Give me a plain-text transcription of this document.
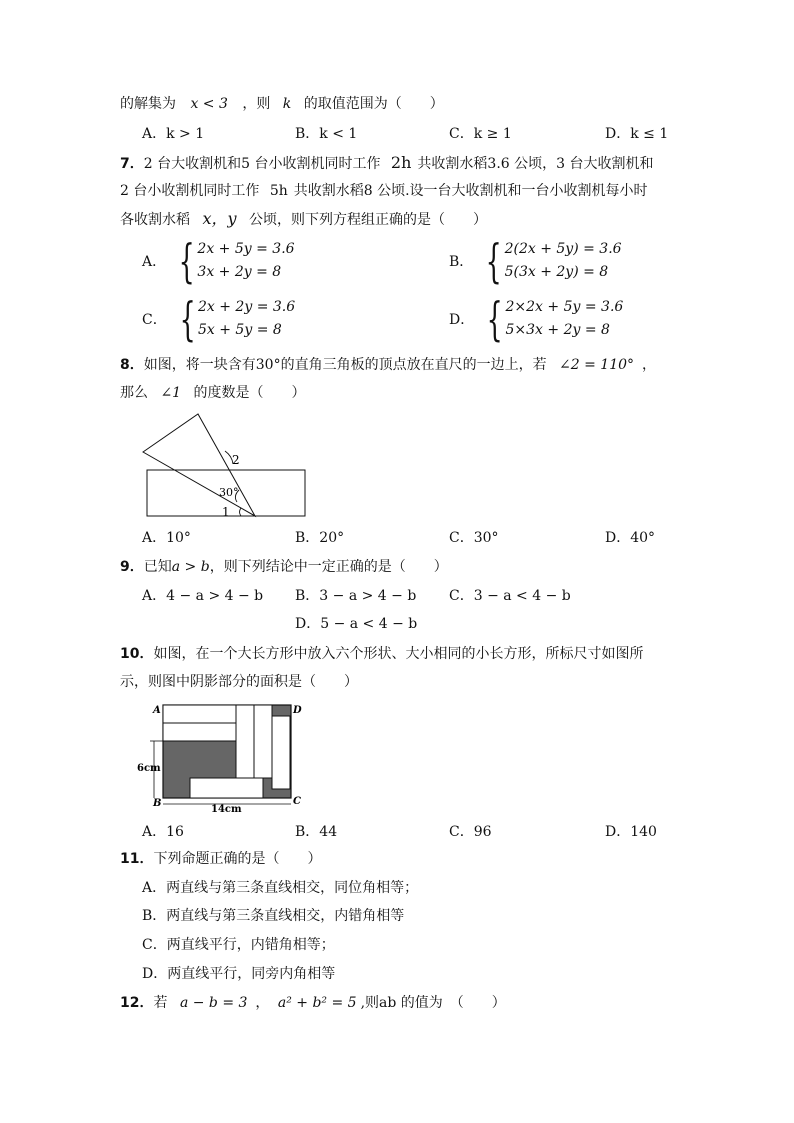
的解集为 x < 3 ，则 k 的取值范围为（　　）
A．k > 1	B．k < 1	C．k ≥ 1	D．k ≤ 1
7．2 台大收割机和5 台小收割机同时工作 2h 共收割水稻3.6 公顷，3 台大收割机和
2 台小收割机同时工作 5h 共收割水稻8 公顷.设一台大收割机和一台小收割机每小时
各收割水稻 x，y 公顷，则下列方程组正确的是（　　）
A． { 2x + 5y = 3.6
3x + 2y = 8
B． { 2(2x + 5y) = 3.6
5(3x + 2y) = 8
C． { 2x + 2y = 3.6
5x + 5y = 8
D． { 2×2x + 5y = 3.6
5×3x + 2y = 8
8．如图，将一块含有30°的直角三角板的顶点放在直尺的一边上，若 ∠2 = 110° ，
那么 ∠1 的度数是（　　）
2
30°
1
A．10°	B．20°	C．30°	D．40°
9．已知a > b，则下列结论中一定正确的是（　　）
A．4 − a > 4 − b B．3 − a > 4 − b C．3 − a < 4 − b
D．5 − a < 4 − b
10．如图，在一个大长方形中放入六个形状、大小相同的小长方形，所标尺寸如图所
示，则图中阴影部分的面积是（　　）
A
B	C
D
6cm
14cm
A．16	B．44	C．96	D．140
11．下列命题正确的是（　　）
A．两直线与第三条直线相交，同位角相等；
B．两直线与第三条直线相交，内错角相等
C．两直线平行，内错角相等；
D．两直线平行，同旁内角相等
12．若 a − b = 3 ， a² + b² = 5 ,则ab 的值为　（　　）
